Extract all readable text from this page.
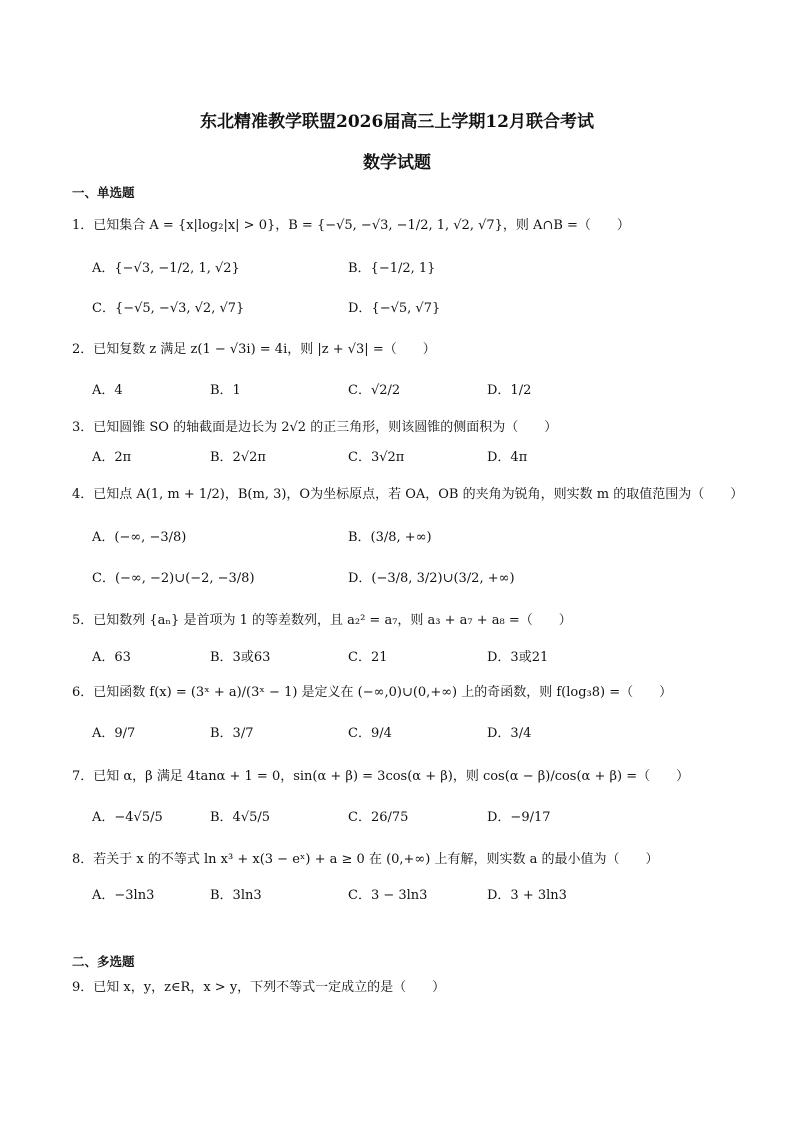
东北精准教学联盟2026届高三上学期12月联合考试
数学试题
一、单选题
1．已知集合 A = {x|log₂|x| > 0}，B = {−√5, −√3, −1/2, 1, √2, √7}，则 A∩B =（　　）
A．{−√3, −1/2, 1, √2}	B．{−1/2, 1}
C．{−√5, −√3, √2, √7}	D．{−√5, √7}
2．已知复数 z 满足 z(1 − √3i) = 4i，则 |z + √3| =（　　）
A．4	B．1	C．√2/2	D．1/2
3．已知圆锥 SO 的轴截面是边长为 2√2 的正三角形，则该圆锥的侧面积为（　　）
A．2π	B．2√2π	C．3√2π	D．4π
4．已知点 A(1, m + 1/2)，B(m, 3)，O为坐标原点，若 OA，OB 的夹角为锐角，则实数 m 的取值范围为（　　）
A．(−∞, −3/8)	B．(3/8, +∞)
C．(−∞, −2)∪(−2, −3/8)	D．(−3/8, 3/2)∪(3/2, +∞)
5．已知数列 {aₙ} 是首项为 1 的等差数列，且 a₂² = a₇，则 a₃ + a₇ + a₈ =（　　）
A．63	B．3或63	C．21	D．3或21
6．已知函数 f(x) = (3ˣ + a)/(3ˣ − 1) 是定义在 (−∞,0)∪(0,+∞) 上的奇函数，则 f(log₃8) =（　　）
A．9/7	B．3/7	C．9/4	D．3/4
7．已知 α，β 满足 4tanα + 1 = 0，sin(α + β) = 3cos(α + β)，则 cos(α − β)/cos(α + β) =（　　）
A．−4√5/5	B．4√5/5	C．26/75	D．−9/17
8．若关于 x 的不等式 ln x³ + x(3 − eˣ) + a ≥ 0 在 (0,+∞) 上有解，则实数 a 的最小值为（　　）
A．−3ln3	B．3ln3	C．3 − 3ln3	D．3 + 3ln3
二、多选题
9．已知 x，y，z∈R，x > y，下列不等式一定成立的是（　　）
